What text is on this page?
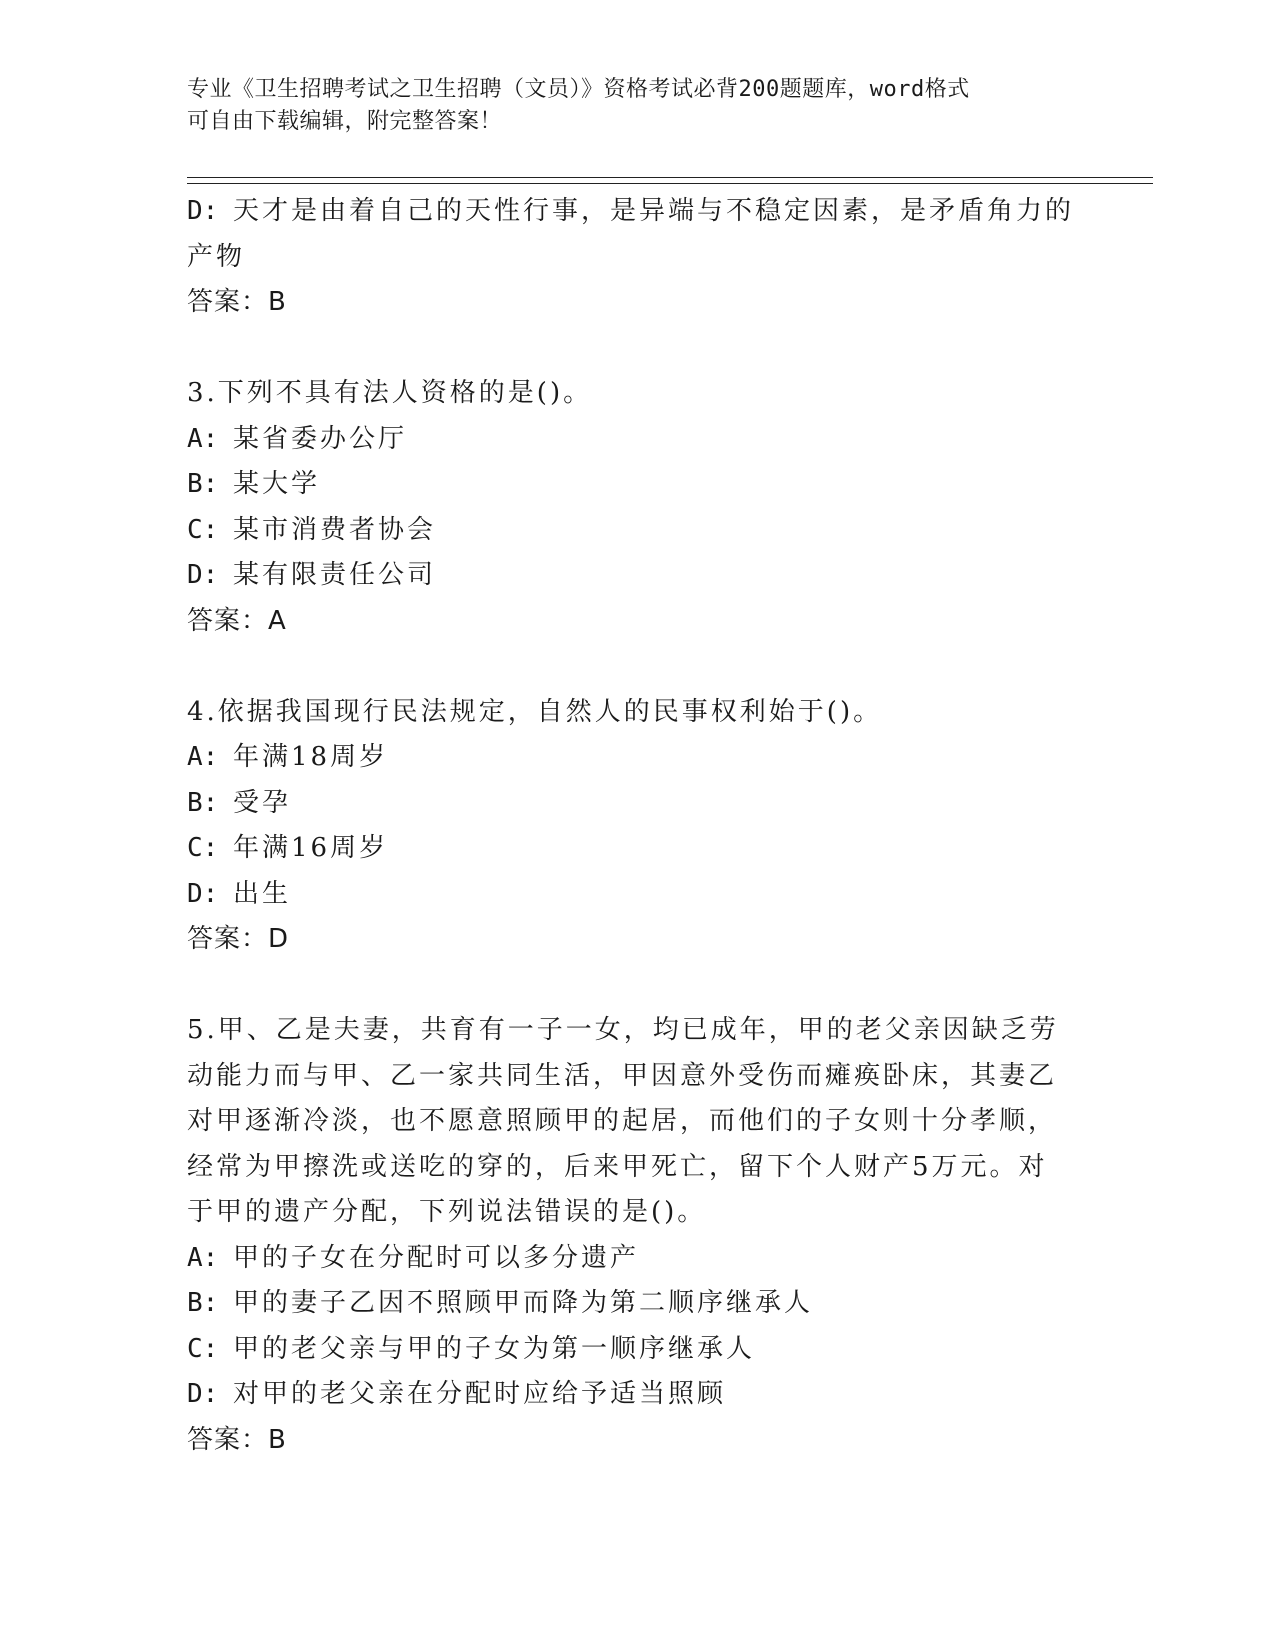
专业《卫生招聘考试之卫生招聘（文员）》资格考试必背200题题库，word格式
可自由下载编辑，附完整答案！
D: 天才是由着自己的天性行事，是异端与不稳定因素，是矛盾角力的
产物
答案：B
3.下列不具有法人资格的是()。
A: 某省委办公厅
B: 某大学
C: 某市消费者协会
D: 某有限责任公司
答案：A
4.依据我国现行民法规定，自然人的民事权利始于()。
A: 年满18周岁
B: 受孕
C: 年满16周岁
D: 出生
答案：D
5.甲、乙是夫妻，共育有一子一女，均已成年，甲的老父亲因缺乏劳
动能力而与甲、乙一家共同生活，甲因意外受伤而瘫痪卧床，其妻乙
对甲逐渐冷淡，也不愿意照顾甲的起居，而他们的子女则十分孝顺，
经常为甲擦洗或送吃的穿的，后来甲死亡，留下个人财产5万元。对
于甲的遗产分配，下列说法错误的是()。
A: 甲的子女在分配时可以多分遗产
B: 甲的妻子乙因不照顾甲而降为第二顺序继承人
C: 甲的老父亲与甲的子女为第一顺序继承人
D: 对甲的老父亲在分配时应给予适当照顾
答案：B
